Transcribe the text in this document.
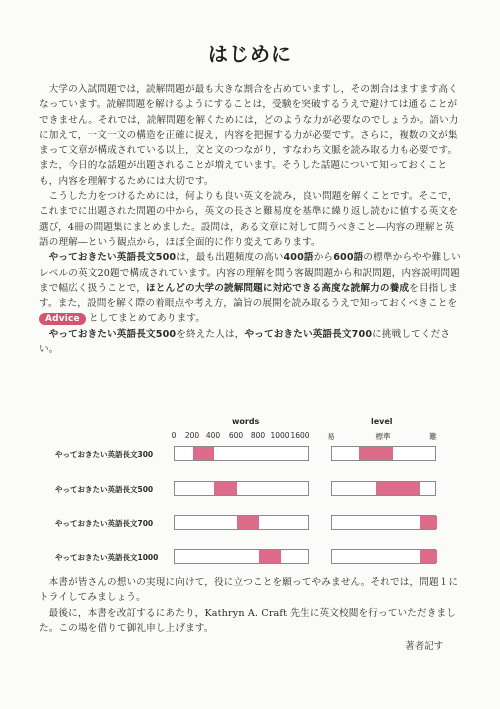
はじめに

大学の入試問題では，読解問題が最も大きな割合を占めていますし，その割合はますます高くなっています。読解問題を解けるようにすることは，受験を突破するうえで避けては通ることができません。それでは，読解問題を解くためには，どのような力が必要なのでしょうか。語い力に加えて，一文一文の構造を正確に捉え，内容を把握する力が必要です。さらに，複数の文が集まって文章が構成されている以上，文と文のつながり，すなわち文脈を読み取る力も必要です。また，今日的な話題が出題されることが増えています。そうした話題について知っておくことも，内容を理解するためには大切です。

こうした力をつけるためには，何よりも良い英文を読み，良い問題を解くことです。そこで，これまでに出題された問題の中から，英文の長さと難易度を基準に繰り返し読むに値する英文を選び，4冊の問題集にまとめました。設問は，ある文章に対して問うべきこと―内容の理解と英語の理解―という観点から，ほぼ全面的に作り変えてあります。

やっておきたい英語長文500は，最も出題頻度の高い400語から600語の標準からやや難しいレベルの英文20題で構成されています。内容の理解を問う客観問題から和訳問題，内容説明問題まで幅広く扱うことで，ほとんどの大学の読解問題に対応できる高度な読解力の養成を目指します。また，設問を解く際の着眼点や考え方，論旨の展開を読み取るうえで知っておくべきことを Advice としてまとめてあります。

やっておきたい英語長文500を終えた人は，やっておきたい英語長文700に挑戦してください。

words	level
0 200 400 600 800 1000 1600 易	標準	難
やっておきたい英語長文300
やっておきたい英語長文500
やっておきたい英語長文700
やっておきたい英語長文1000

本書が皆さんの想いの実現に向けて，役に立つことを願ってやみません。それでは，問題１にトライしてみましょう。

最後に，本書を改訂するにあたり，Kathryn A. Craft 先生に英文校閲を行っていただきました。この場を借りて御礼申し上げます。

著者記す
